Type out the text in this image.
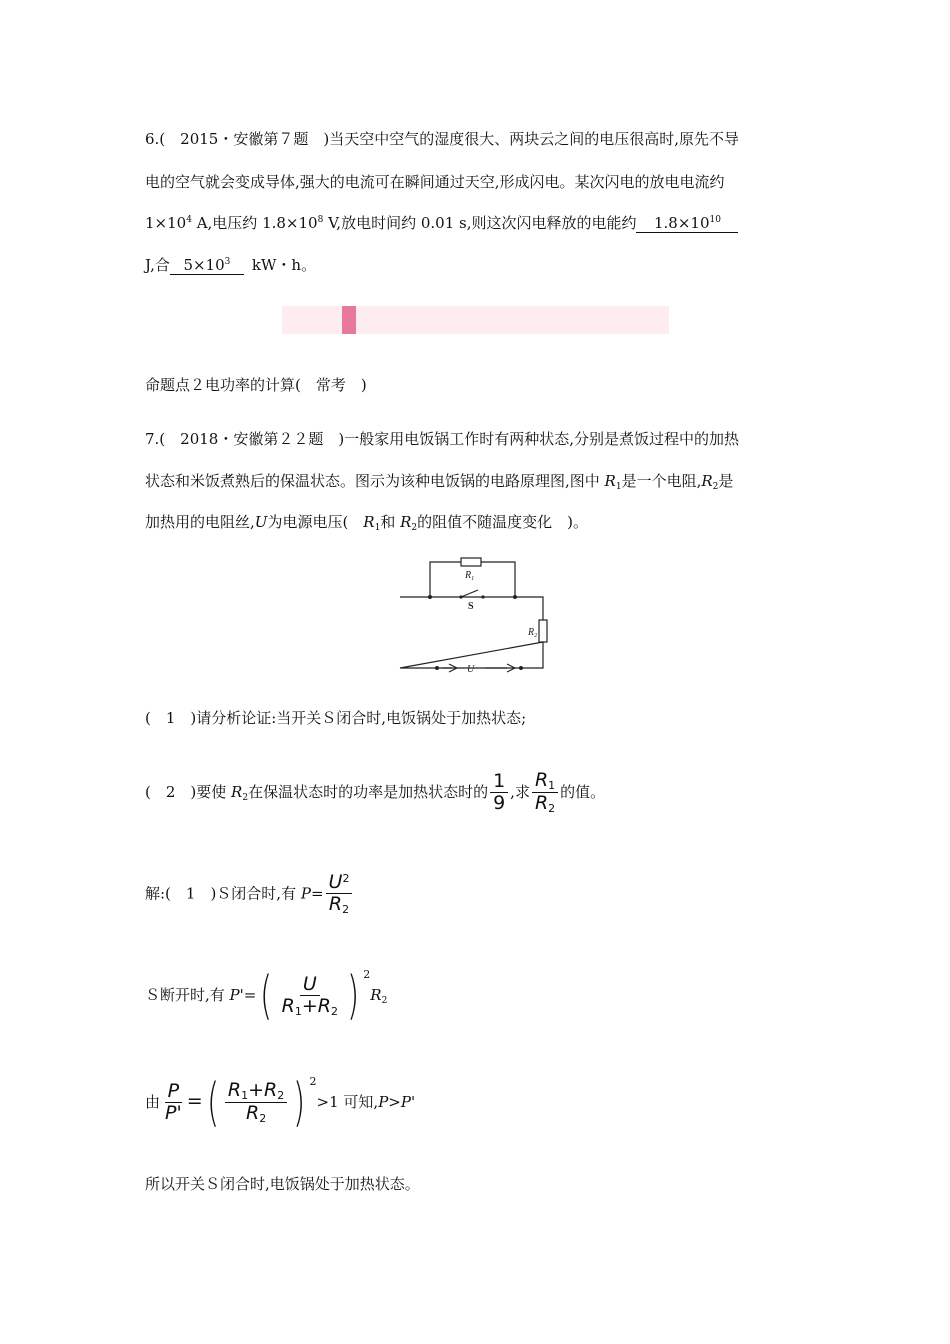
6.(　2015・安徽第７题　)当天空中空气的湿度很大、两块云之间的电压很高时,原先不导
电的空气就会变成导体,强大的电流可在瞬间通过天空,形成闪电。某次闪电的放电电流约
$1\times 10^4$ A,电压约 $1.8\times 10^8$ V,放电时间约 0.01 s,则这次闪电释放的电能约 $1.8\times 10^{10}$
J,合 $5\times 10^3$ kW・h。
命题点２电功率的计算(　常考　)
7.(　2018・安徽第２２题　)一般家用电饭锅工作时有两种状态,分别是煮饭过程中的加热
状态和米饭煮熟后的保温状态。图示为该种电饭锅的电路原理图,图中 $R_1$是一个电阻$,R_2$是
加热用的电阻丝,U为电源电压(　$R_1$和 $R_2$的阻值不随温度变化　)。
$R_1$
S
$R_2$
U
(　1　)请分析论证:当开关Ｓ闭合时,电饭锅处于加热状态;
(　2　)要使 $R_2$在保温状态时的功率是加热状态时的 $\frac{1}{9}$ ,求 $\frac{R_1}{R_2}$ 的值。
解:(　1　)Ｓ闭合时,有 $P= \frac{U^2}{R_2}$
Ｓ断开时,有 $P'=( \frac{U}{R_1+R_2}$ ) $^2R_2$
由 $\frac{P}{P'}$ =( $\frac{R_1+R_2}{R_2}$ ) $^2$>1 可知,P>P'
所以开关Ｓ闭合时,电饭锅处于加热状态。
